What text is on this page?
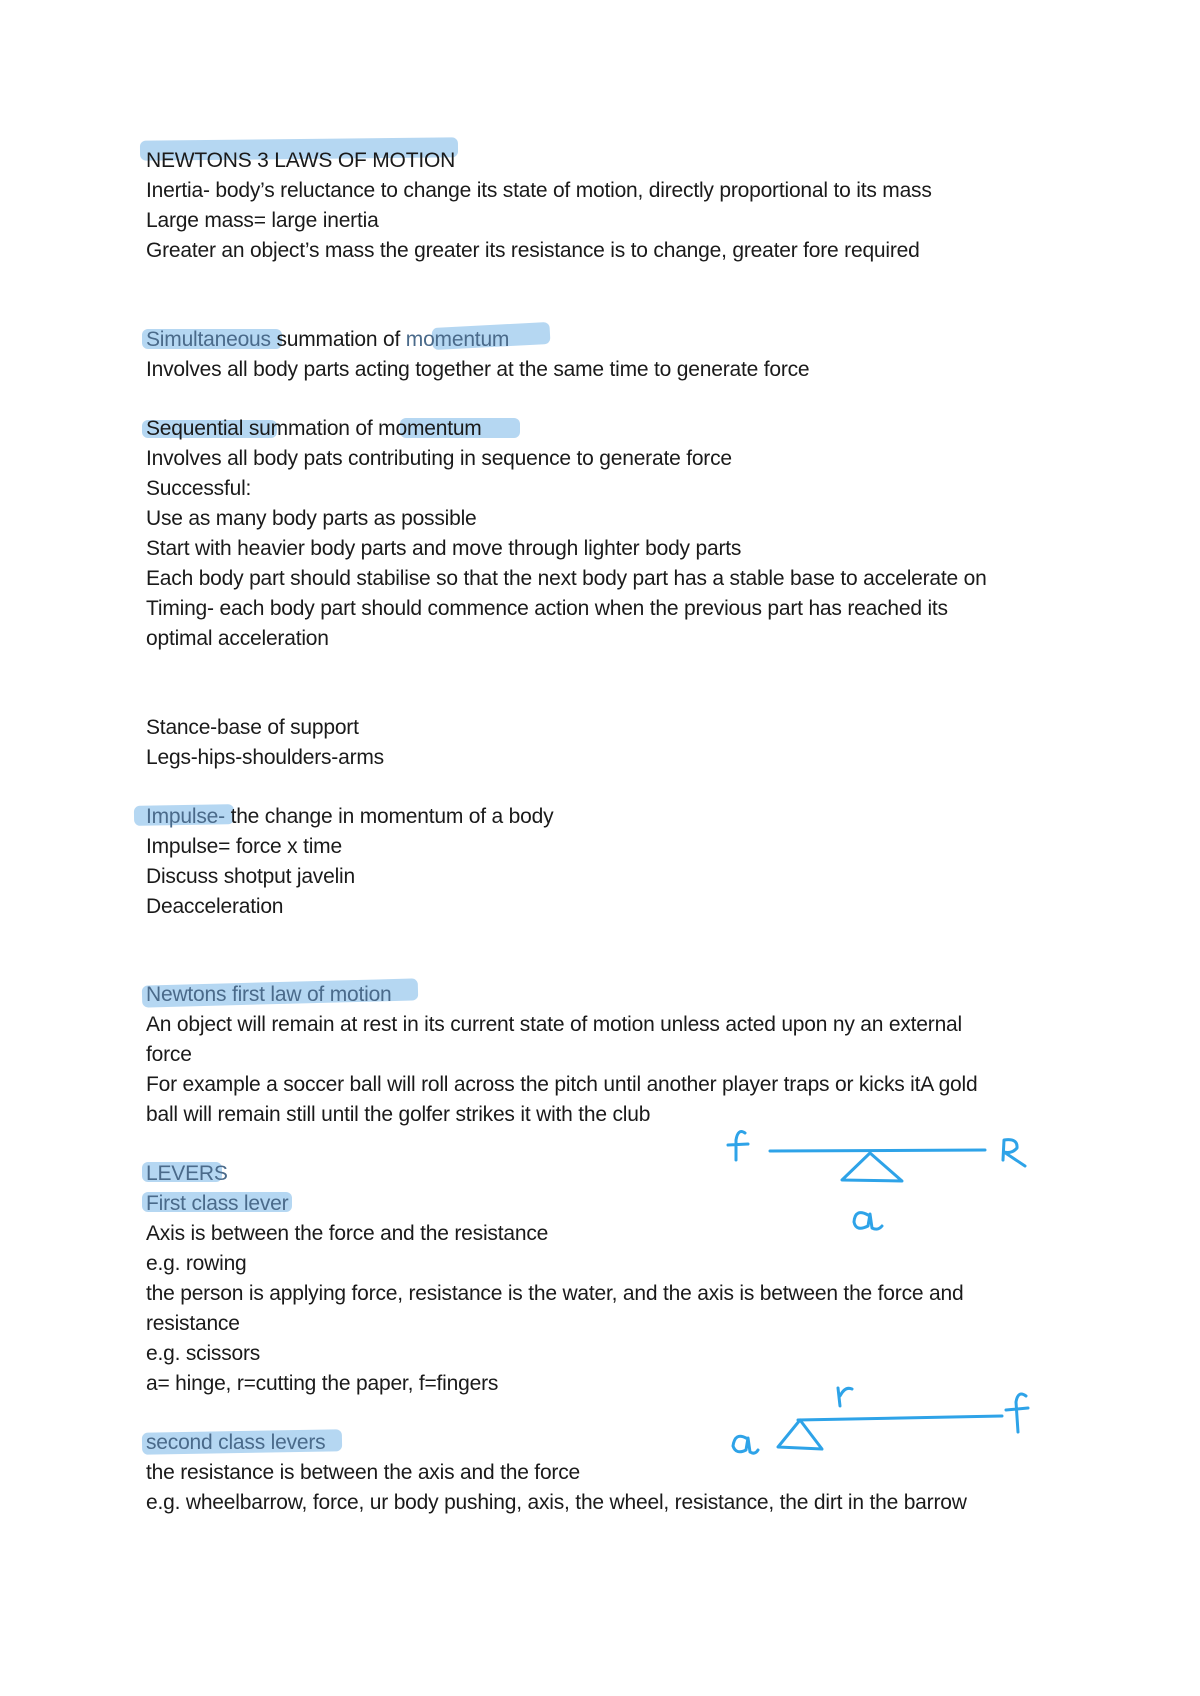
NEWTONS 3 LAWS OF MOTION
Inertia- body’s reluctance to change its state of motion, directly proportional to its mass
Large mass= large inertia
Greater an object’s mass the greater its resistance is to change, greater fore required
Simultaneous summation of momentum
Involves all body parts acting together at the same time to generate force
Sequential summation of momentum
Involves all body pats contributing in sequence to generate force
Successful:
Use as many body parts as possible
Start with heavier body parts and move through lighter body parts
Each body part should stabilise so that the next body part has a stable base to accelerate on
Timing- each body part should commence action when the previous part has reached its
optimal acceleration
Stance-base of support
Legs-hips-shoulders-arms
Impulse- the change in momentum of a body
Impulse= force x time
Discuss shotput javelin
Deacceleration
Newtons first law of motion
An object will remain at rest in its current state of motion unless acted upon ny an external
force
For example a soccer ball will roll across the pitch until another player traps or kicks itA gold
ball will remain still until the golfer strikes it with the club
LEVERS
First class lever
Axis is between the force and the resistance
e.g. rowing
the person is applying force, resistance is the water, and the axis is between the force and
resistance
e.g. scissors
a= hinge, r=cutting the paper, f=fingers
second class levers
the resistance is between the axis and the force
e.g. wheelbarrow, force, ur body pushing, axis, the wheel, resistance, the dirt in the barrow
